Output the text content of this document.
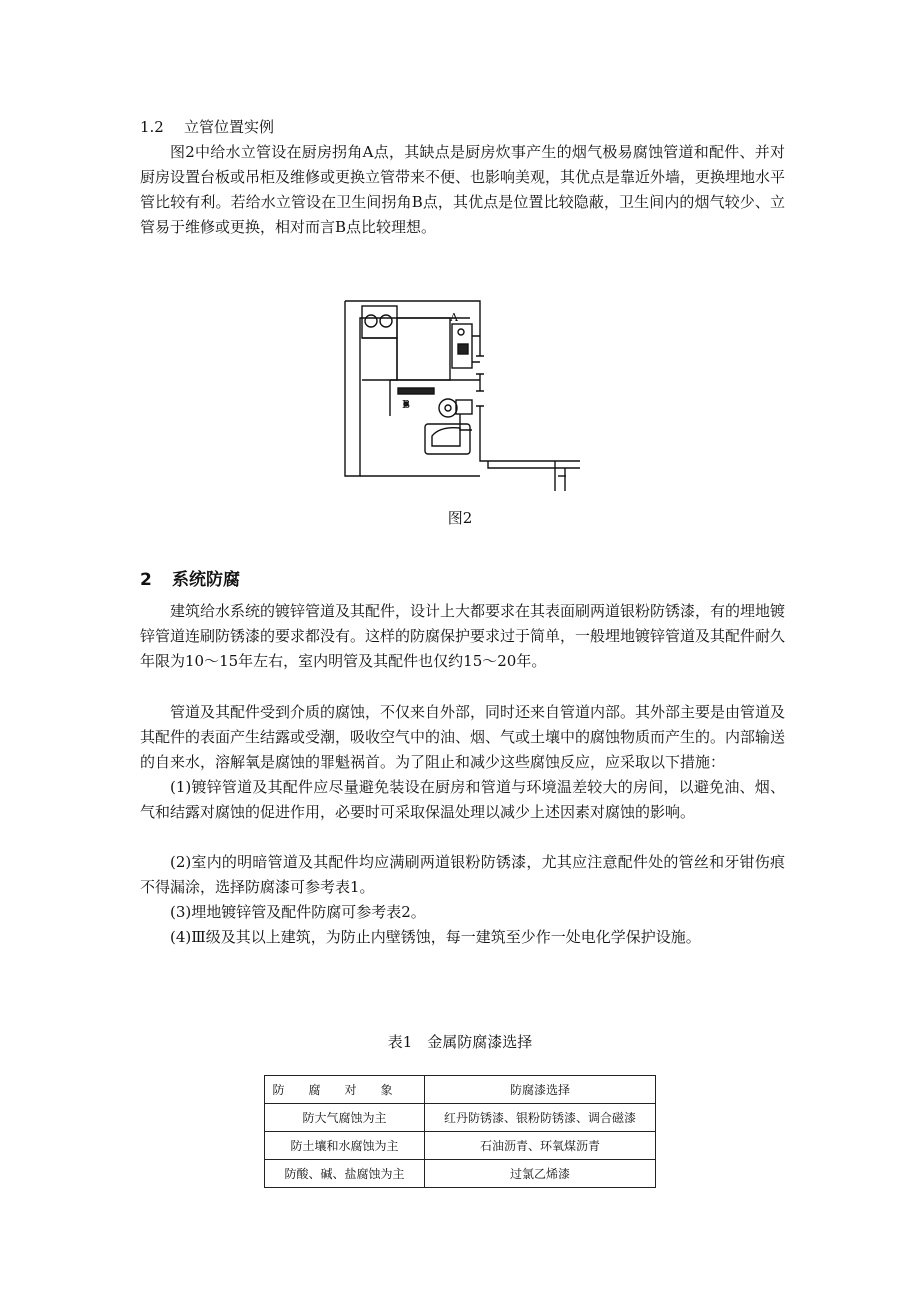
1.2 立管位置实例
图2中给水立管设在厨房拐角A点，其缺点是厨房炊事产生的烟气极易腐蚀管道和配件、并对厨房设置台板或吊柜及维修或更换立管带来不便、也影响美观，其优点是靠近外墙，更换埋地水平管比较有利。若给水立管设在卫生间拐角B点，其优点是位置比较隐蔽，卫生间内的烟气较少、立管易于维修或更换，相对而言B点比较理想。
A
B
图2
2 系统防腐
建筑给水系统的镀锌管道及其配件，设计上大都要求在其表面刷两道银粉防锈漆，有的埋地镀锌管道连刷防锈漆的要求都没有。这样的防腐保护要求过于简单，一般埋地镀锌管道及其配件耐久年限为10～15年左右，室内明管及其配件也仅约15～20年。
管道及其配件受到介质的腐蚀，不仅来自外部，同时还来自管道内部。其外部主要是由管道及其配件的表面产生结露或受潮，吸收空气中的油、烟、气或土壤中的腐蚀物质而产生的。内部输送的自来水，溶解氧是腐蚀的罪魁祸首。为了阻止和减少这些腐蚀反应，应采取以下措施：
(1)镀锌管道及其配件应尽量避免装设在厨房和管道与环境温差较大的房间，以避免油、烟、气和结露对腐蚀的促进作用，必要时可采取保温处理以减少上述因素对腐蚀的影响。
(2)室内的明暗管道及其配件均应满刷两道银粉防锈漆，尤其应注意配件处的管丝和牙钳伤痕不得漏涂，选择防腐漆可参考表1。
(3)埋地镀锌管及配件防腐可参考表2。
(4)Ⅲ级及其以上建筑，为防止内壁锈蚀，每一建筑至少作一处电化学保护设施。
表1　金属防腐漆选择
防腐对象	防腐漆选择
防大气腐蚀为主	红丹防锈漆、银粉防锈漆、调合磁漆
防土壤和水腐蚀为主	石油沥青、环氧煤沥青
防酸、碱、盐腐蚀为主	过氯乙烯漆
